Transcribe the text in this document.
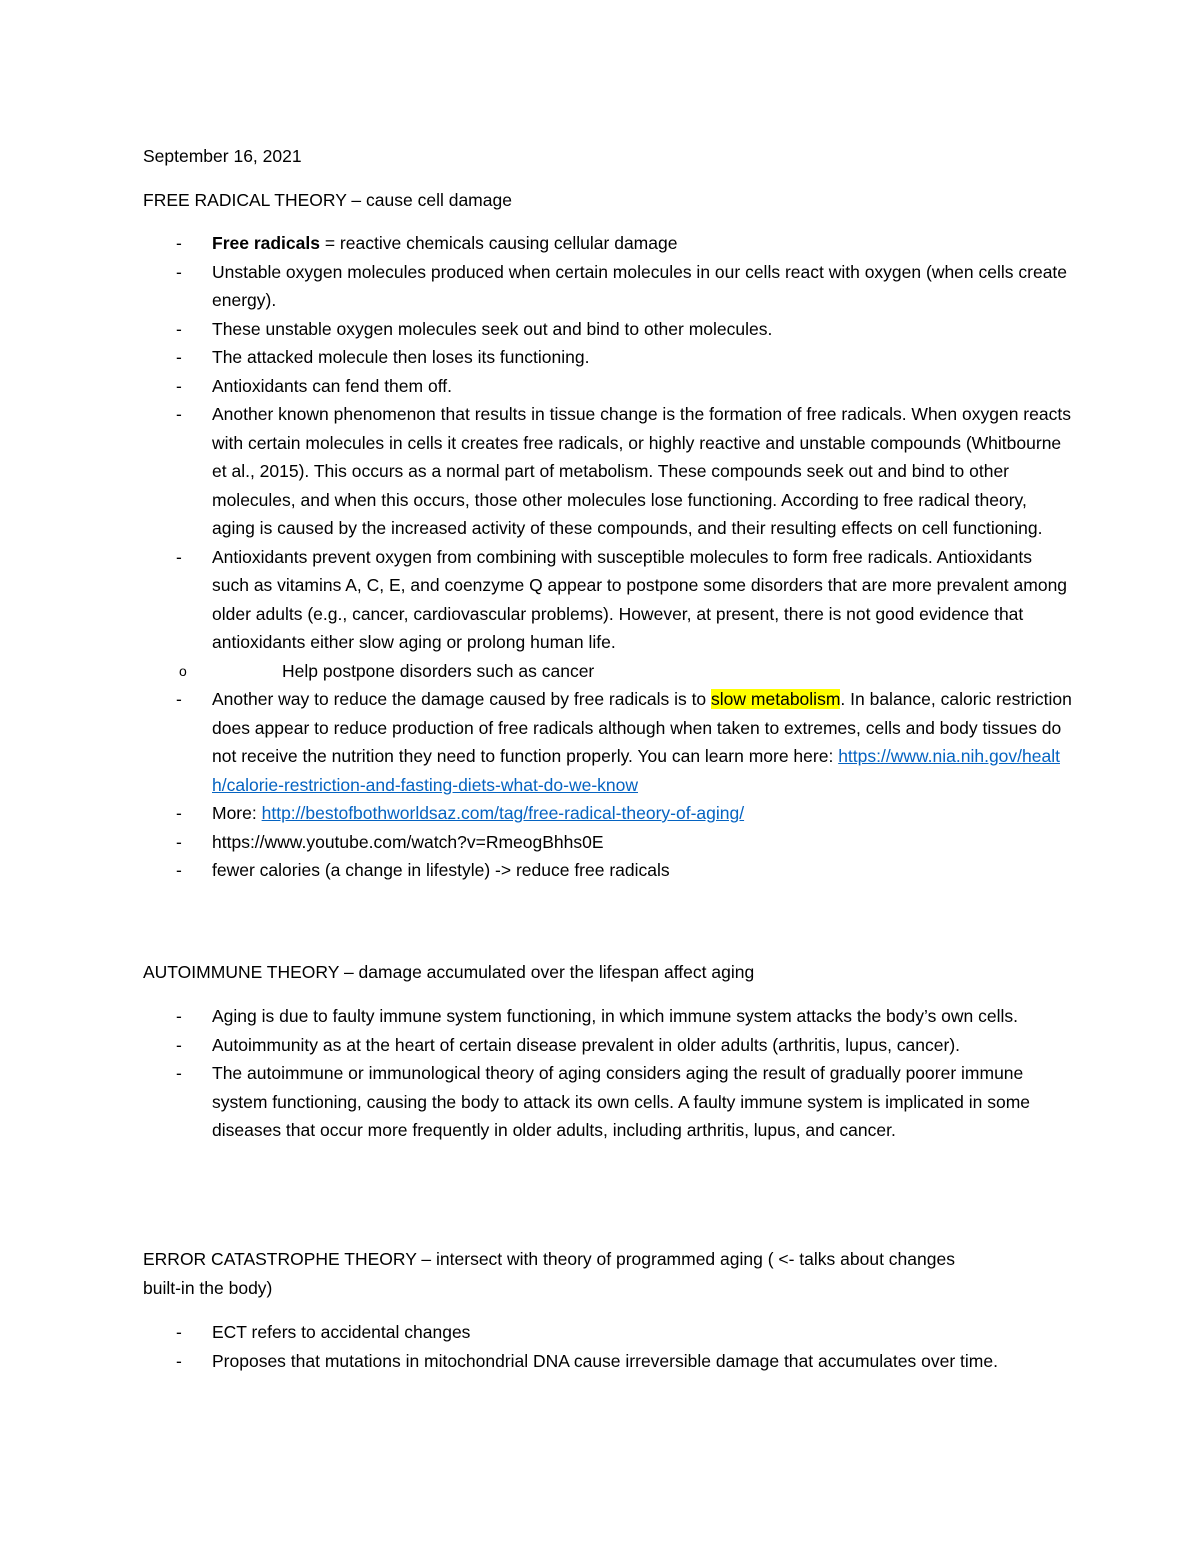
September 16, 2021
FREE RADICAL THEORY – cause cell damage
- Free radicals = reactive chemicals causing cellular damage
- Unstable oxygen molecules produced when certain molecules in our cells react with oxygen (when cells create energy).
- These unstable oxygen molecules seek out and bind to other molecules.
- The attacked molecule then loses its functioning.
- Antioxidants can fend them off.
- Another known phenomenon that results in tissue change is the formation of free radicals. When oxygen reacts with certain molecules in cells it creates free radicals, or highly reactive and unstable compounds (Whitbourne et al., 2015). This occurs as a normal part of metabolism. These compounds seek out and bind to other molecules, and when this occurs, those other molecules lose functioning. According to free radical theory, aging is caused by the increased activity of these compounds, and their resulting effects on cell functioning.
- Antioxidants prevent oxygen from combining with susceptible molecules to form free radicals. Antioxidants such as vitamins A, C, E, and coenzyme Q appear to postpone some disorders that are more prevalent among older adults (e.g., cancer, cardiovascular problems). However, at present, there is not good evidence that antioxidants either slow aging or prolong human life.
o Help postpone disorders such as cancer
- Another way to reduce the damage caused by free radicals is to slow metabolism. In balance, caloric restriction does appear to reduce production of free radicals although when taken to extremes, cells and body tissues do not receive the nutrition they need to function properly. You can learn more here: https://www.nia.nih.gov/health/calorie-restriction-and-fasting-diets-what-do-we-know
- More: http://bestofbothworldsaz.com/tag/free-radical-theory-of-aging/
- https://www.youtube.com/watch?v=RmeogBhhs0E
- fewer calories (a change in lifestyle) -> reduce free radicals
AUTOIMMUNE THEORY – damage accumulated over the lifespan affect aging
- Aging is due to faulty immune system functioning, in which immune system attacks the body’s own cells.
- Autoimmunity as at the heart of certain disease prevalent in older adults (arthritis, lupus, cancer).
- The autoimmune or immunological theory of aging considers aging the result of gradually poorer immune system functioning, causing the body to attack its own cells. A faulty immune system is implicated in some diseases that occur more frequently in older adults, including arthritis, lupus, and cancer.
ERROR CATASTROPHE THEORY – intersect with theory of programmed aging ( <- talks about changes
built-in the body)
- ECT refers to accidental changes
- Proposes that mutations in mitochondrial DNA cause irreversible damage that accumulates over time.
